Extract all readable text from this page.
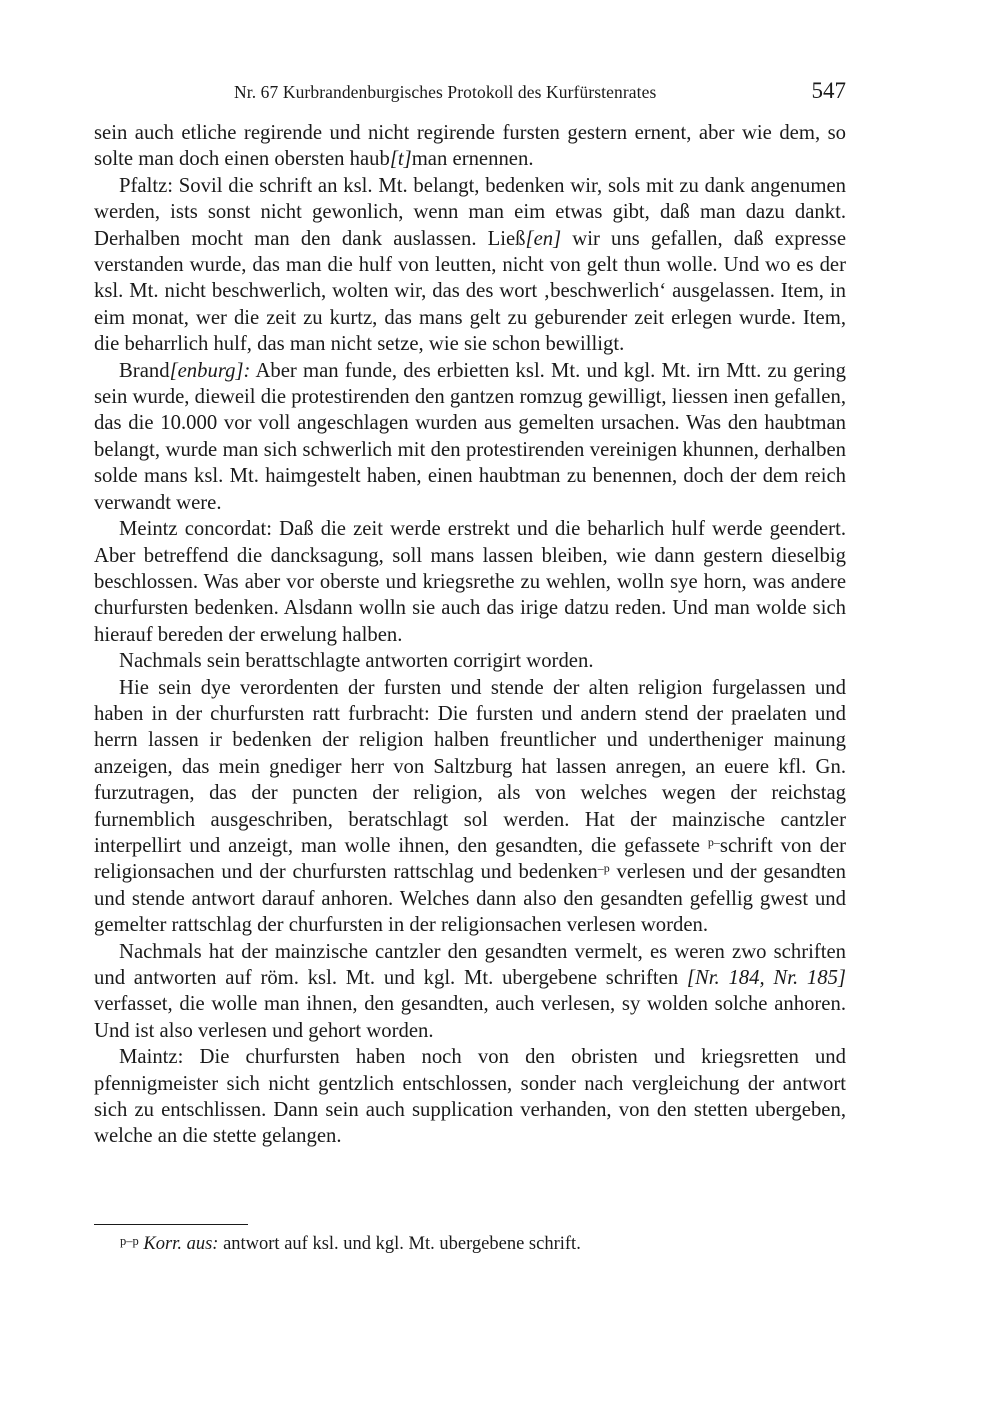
Nr. 67 Kurbrandenburgisches Protokoll des Kurfürstenrates	547

sein auch etliche regirende und nicht regirende fursten gestern ernent, aber wie dem, so solte man doch einen obersten haub[t]man ernennen.

Pfaltz: Sovil die schrift an ksl. Mt. belangt, bedenken wir, sols mit zu dank angenumen werden, ists sonst nicht gewonlich, wenn man eim etwas gibt, daß man dazu dankt. Derhalben mocht man den dank auslassen. Ließ[en] wir uns gefallen, daß expresse verstanden wurde, das man die hulf von leutten, nicht von gelt thun wolle. Und wo es der ksl. Mt. nicht beschwerlich, wolten wir, das des wort ‚beschwerlich‘ ausgelassen. Item, in eim monat, wer die zeit zu kurtz, das mans gelt zu geburender zeit erlegen wurde. Item, die beharrlich hulf, das man nicht setze, wie sie schon bewilligt.

Brand[enburg]: Aber man funde, des erbietten ksl. Mt. und kgl. Mt. irn Mtt. zu gering sein wurde, dieweil die protestirenden den gantzen romzug gewilligt, liessen inen gefallen, das die 10.000 vor voll angeschlagen wurden aus gemelten ursachen. Was den haubtman belangt, wurde man sich schwerlich mit den protestirenden vereinigen khunnen, derhalben solde mans ksl. Mt. haimgestelt haben, einen haubtman zu benennen, doch der dem reich verwandt were.

Meintz concordat: Daß die zeit werde erstrekt und die beharlich hulf werde geendert. Aber betreffend die dancksagung, soll mans lassen bleiben, wie dann gestern dieselbig beschlossen. Was aber vor oberste und kriegsrethe zu wehlen, wolln sye horn, was andere churfursten bedenken. Alsdann wolln sie auch das irige datzu reden. Und man wolde sich hierauf bereden der erwelung halben.

Nachmals sein berattschlagte antworten corrigirt worden.

Hie sein dye verordenten der fursten und stende der alten religion furgelassen und haben in der churfursten ratt furbracht: Die fursten und andern stend der praelaten und herrn lassen ir bedenken der religion halben freuntlicher und undertheniger mainung anzeigen, das mein gnediger herr von Saltzburg hat lassen anregen, an euere kfl. Gn. furzutragen, das der puncten der religion, als von welches wegen der reichstag furnemblich ausgeschriben, beratschlagt sol werden. Hat der mainzische cantzler interpellirt und anzeigt, man wolle ihnen, den gesandten, die gefassete $^{p-}$schrift von der religionsachen und der churfursten rattschlag und bedenken$^{-p}$ verlesen und der gesandten und stende antwort darauf anhoren. Welches dann also den gesandten gefellig gwest und gemelter rattschlag der churfursten in der religionsachen verlesen worden.

Nachmals hat der mainzische cantzler den gesandten vermelt, es weren zwo schriften und antworten auf röm. ksl. Mt. und kgl. Mt. ubergebene schriften [Nr. 184, Nr. 185] verfasset, die wolle man ihnen, den gesandten, auch verlesen, sy wolden solche anhoren. Und ist also verlesen und gehort worden.

Maintz: Die churfursten haben noch von den obristen und kriegsretten und pfennigmeister sich nicht gentzlich entschlossen, sonder nach vergleichung der antwort sich zu entschlissen. Dann sein auch supplication verhanden, von den stetten ubergeben, welche an die stette gelangen.

$^{p-p}$ Korr. aus: antwort auf ksl. und kgl. Mt. ubergebene schrift.
